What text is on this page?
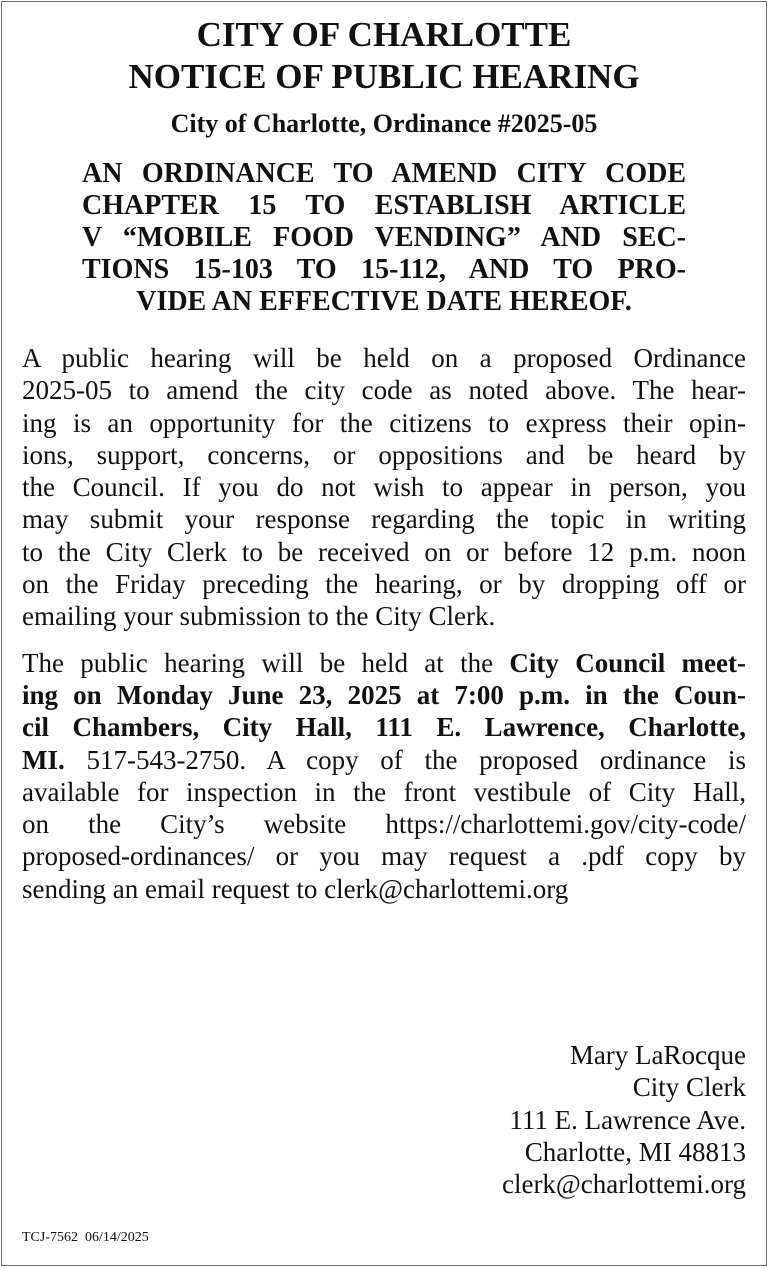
CITY OF CHARLOTTE
NOTICE OF PUBLIC HEARING
City of Charlotte, Ordinance #2025-05
AN ORDINANCE TO AMEND CITY CODE
CHAPTER 15 TO ESTABLISH ARTICLE
V “MOBILE FOOD VENDING” AND SEC-
TIONS 15-103 TO 15-112, AND TO PRO-
VIDE AN EFFECTIVE DATE HEREOF.
A public hearing will be held on a proposed Ordinance
2025-05 to amend the city code as noted above. The hear-
ing is an opportunity for the citizens to express their opin-
ions, support, concerns, or oppositions and be heard by
the Council. If you do not wish to appear in person, you
may submit your response regarding the topic in writing
to the City Clerk to be received on or before 12 p.m. noon
on the Friday preceding the hearing, or by dropping off or
emailing your submission to the City Clerk.
The public hearing will be held at the City Council meet-
ing on Monday June 23, 2025 at 7:00 p.m. in the Coun-
cil Chambers, City Hall, 111 E. Lawrence, Charlotte,
MI. 517-543-2750. A copy of the proposed ordinance is
available for inspection in the front vestibule of City Hall,
on the City’s website https://charlottemi.gov/city-code/
proposed-ordinances/ or you may request a .pdf copy by
sending an email request to clerk@charlottemi.org
Mary LaRocque
City Clerk
111 E. Lawrence Ave.
Charlotte, MI 48813
clerk@charlottemi.org
TCJ-7562  06/14/2025
